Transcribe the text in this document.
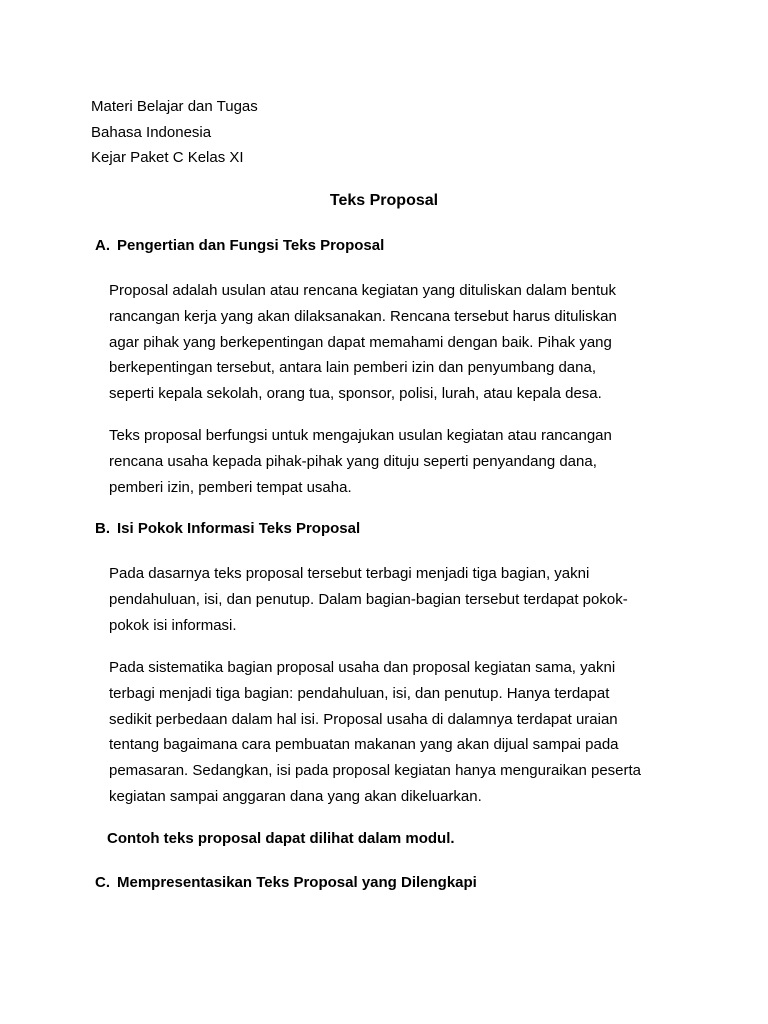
Materi Belajar dan Tugas

Bahasa Indonesia

Kejar Paket C Kelas XI

Teks Proposal
A. Pengertian dan Fungsi Teks Proposal

Proposal adalah usulan atau rencana kegiatan yang dituliskan dalam bentuk
rancangan kerja yang akan dilaksanakan. Rencana tersebut harus dituliskan
agar pihak yang berkepentingan dapat memahami dengan baik. Pihak yang
berkepentingan tersebut, antara lain pemberi izin dan penyumbang dana,
seperti kepala sekolah, orang tua, sponsor, polisi, lurah, atau kepala desa.

Teks proposal berfungsi untuk mengajukan usulan kegiatan atau rancangan
rencana usaha kepada pihak-pihak yang dituju seperti penyandang dana,
pemberi izin, pemberi tempat usaha.

B. Isi Pokok Informasi Teks Proposal

Pada dasarnya teks proposal tersebut terbagi menjadi tiga bagian, yakni
pendahuluan, isi, dan penutup. Dalam bagian-bagian tersebut terdapat pokok-
pokok isi informasi.

Pada sistematika bagian proposal usaha dan proposal kegiatan sama, yakni
terbagi menjadi tiga bagian: pendahuluan, isi, dan penutup. Hanya terdapat
sedikit perbedaan dalam hal isi. Proposal usaha di dalamnya terdapat uraian
tentang bagaimana cara pembuatan makanan yang akan dijual sampai pada
pemasaran. Sedangkan, isi pada proposal kegiatan hanya menguraikan peserta
kegiatan sampai anggaran dana yang akan dikeluarkan.

Contoh teks proposal dapat dilihat dalam modul.

C. Mempresentasikan Teks Proposal yang Dilengkapi
